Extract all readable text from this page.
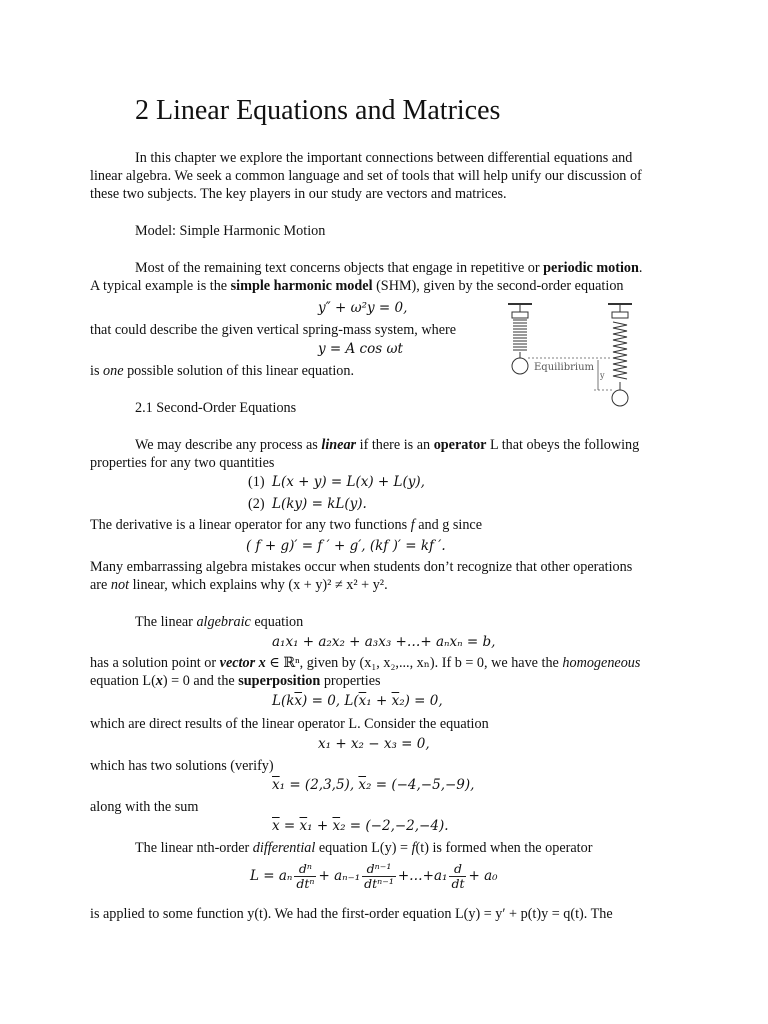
2 Linear Equations and Matrices
In this chapter we explore the important connections between differential equations and
linear algebra. We seek a common language and set of tools that will help unify our discussion of
these two subjects. The key players in our study are vectors and matrices.
Model: Simple Harmonic Motion
Most of the remaining text concerns objects that engage in repetitive or periodic motion.
A typical example is the simple harmonic model (SHM), given by the second-order equation
y″ + ω²y = 0,
that could describe the given vertical spring-mass system, where
y = A cos ωt
is one possible solution of this linear equation.	Equilibrium
y
2.1 Second-Order Equations
We may describe any process as linear if there is an operator L that obeys the following
properties for any two quantities
(1) L(x + y) = L(x) + L(y),
(2) L(ky) = kL(y).
The derivative is a linear operator for any two functions f and g since
( f + g)′ = f ′ + g′, (kf )′ = kf ′.
Many embarrassing algebra mistakes occur when students don’t recognize that other operations
are not linear, which explains why (x + y)² ≠ x² + y².
The linear algebraic equation
a₁x₁ + a₂x₂ + a₃x₃ +…+ aₙxₙ = b,
has a solution point or vector x ∈ ℝⁿ, given by (x₁, x₂,..., xₙ). If b = 0, we have the homogeneous
equation L(x) = 0 and the superposition properties
$L(k\overline{x}) = 0$, $L(\overline{x}_1 + \overline{x}_2) = 0$,
which are direct results of the linear operator L. Consider the equation
x₁ + x₂ − x₃ = 0,
which has two solutions (verify)
$\overline{x}_1 = (2,3,5)$, $\overline{x}_2 = (-4,-5,-9)$,
along with the sum
$\overline{x} = \overline{x}_1 + \overline{x}_2 = (-2,-2,-4)$.
The linear nth-order differential equation L(y) = f(t) is formed when the operator
L = aₙ $\frac{\text{dⁿ}}{\text{dtⁿ}} + a_{n-1} \frac{\text{dⁿ⁻¹}}{\text{dtⁿ⁻¹}}$ +…+a₁ $\frac{d}{dt} + a_0$
is applied to some function y(t). We had the first-order equation L(y) = y′ + p(t)y = q(t). The
